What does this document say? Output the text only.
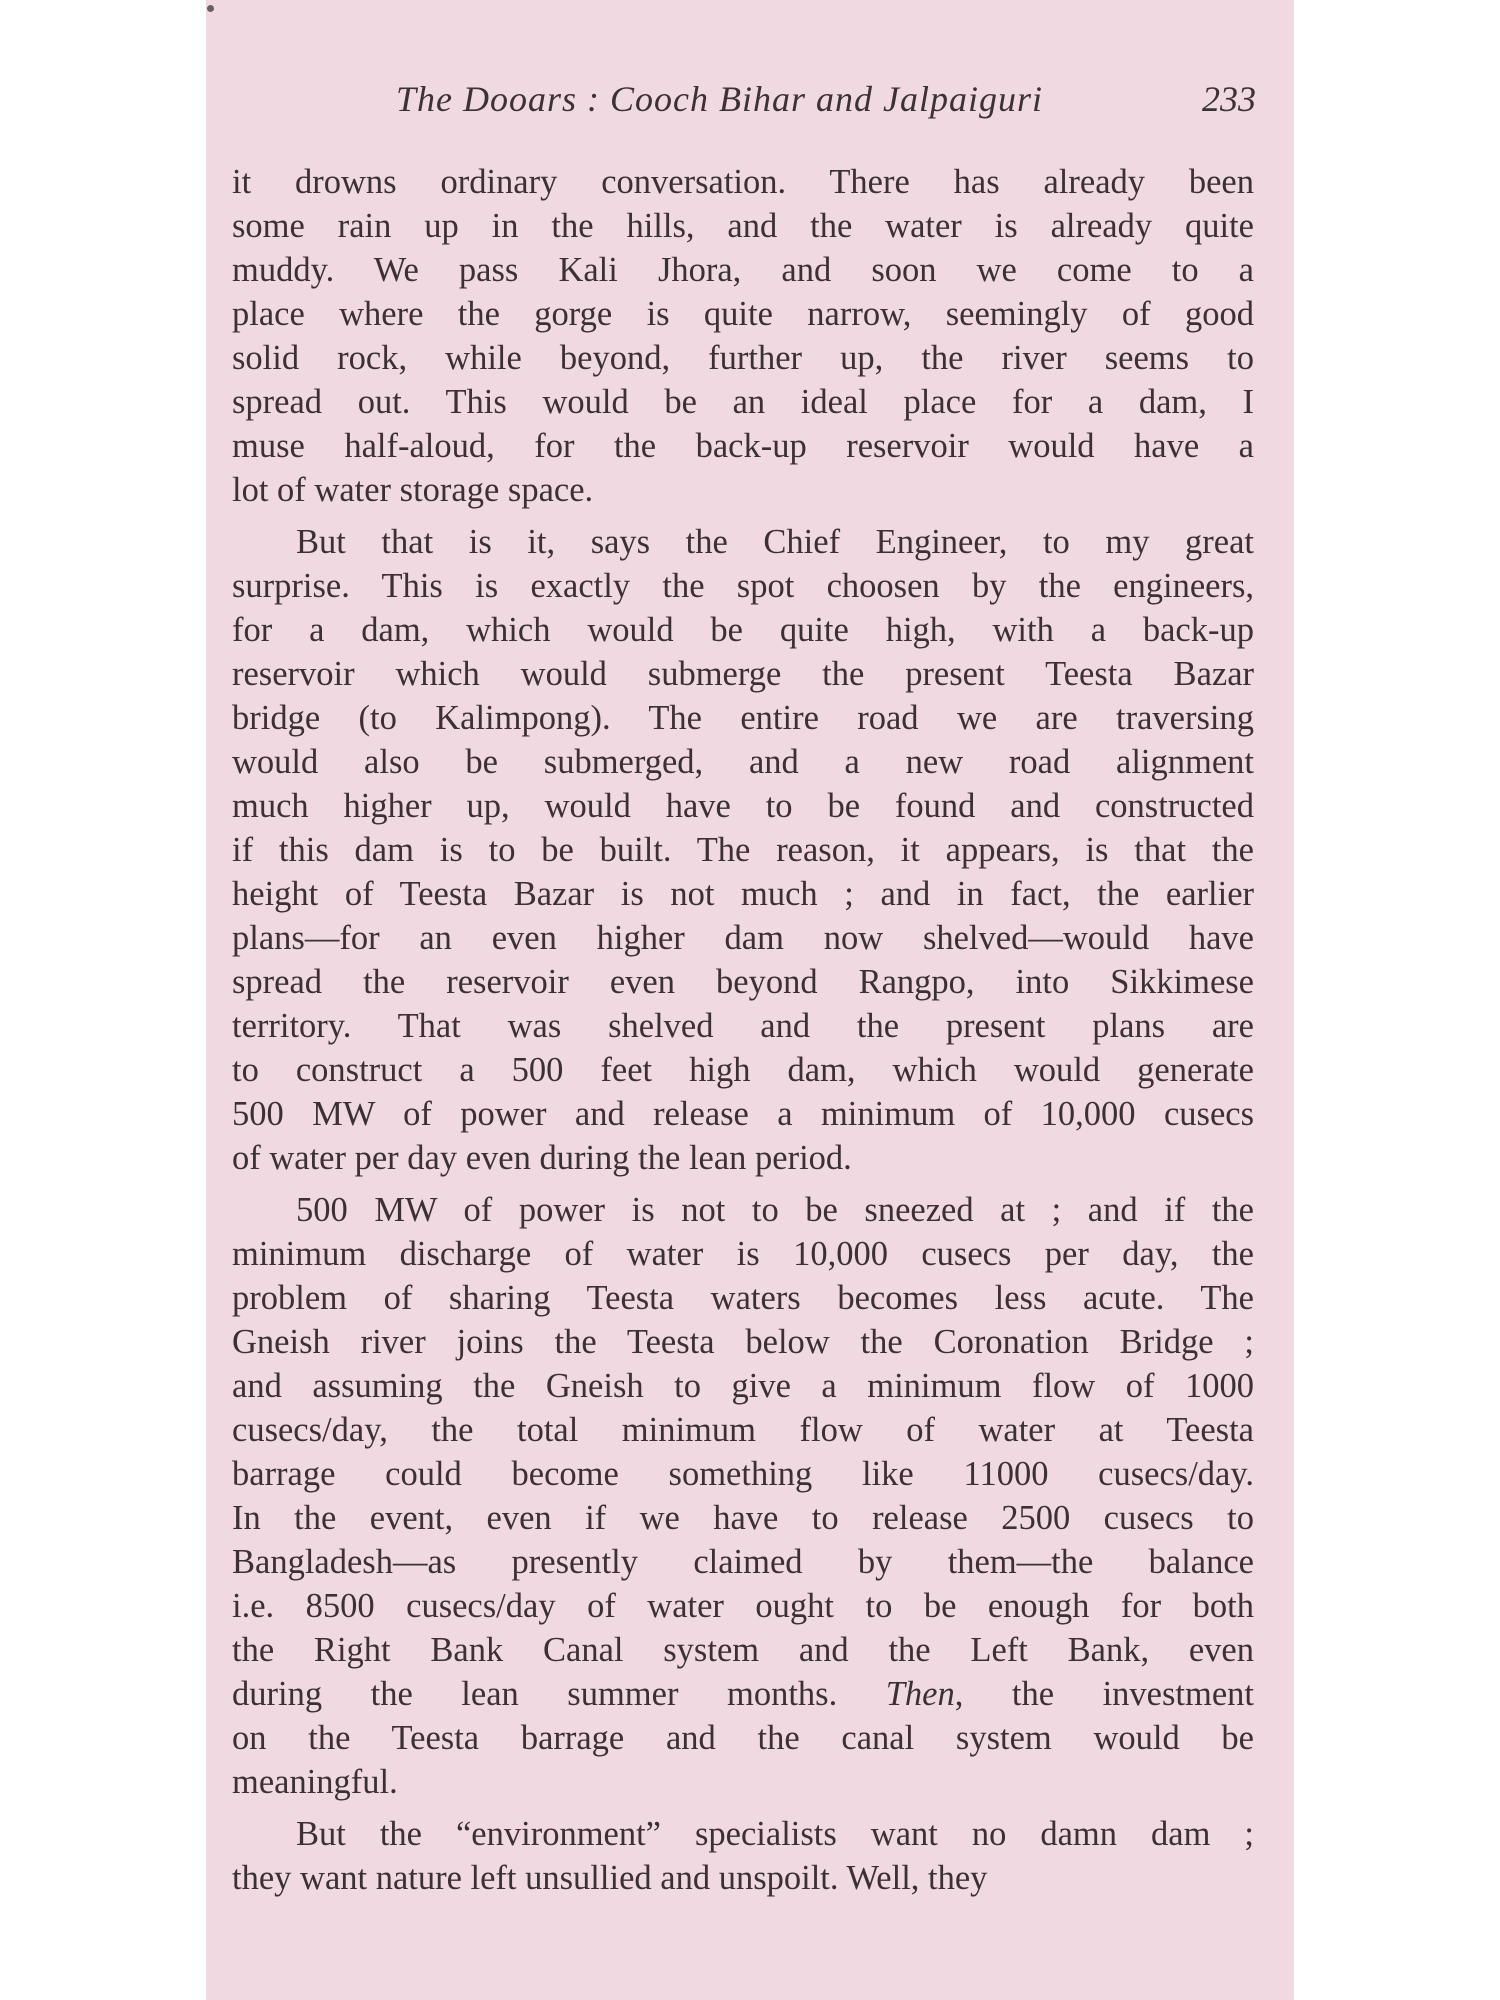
The Dooars : Cooch Bihar and Jalpaiguri	233
it drowns ordinary conversation. There has already been
some rain up in the hills, and the water is already quite
muddy. We pass Kali Jhora, and soon we come to a
place where the gorge is quite narrow, seemingly of good
solid rock, while beyond, further up, the river seems to
spread out. This would be an ideal place for a dam, I
muse half-aloud, for the back-up reservoir would have a
lot of water storage space.
But that is it, says the Chief Engineer, to my great
surprise. This is exactly the spot choosen by the engineers,
for a dam, which would be quite high, with a back-up
reservoir which would submerge the present Teesta Bazar
bridge (to Kalimpong). The entire road we are traversing
would also be submerged, and a new road alignment
much higher up, would have to be found and constructed
if this dam is to be built. The reason, it appears, is that the
height of Teesta Bazar is not much ; and in fact, the earlier
plans—for an even higher dam now shelved—would have
spread the reservoir even beyond Rangpo, into Sikkimese
territory. That was shelved and the present plans are
to construct a 500 feet high dam, which would generate
500 MW of power and release a minimum of 10,000 cusecs
of water per day even during the lean period.
500 MW of power is not to be sneezed at ; and if the
minimum discharge of water is 10,000 cusecs per day, the
problem of sharing Teesta waters becomes less acute. The
Gneish river joins the Teesta below the Coronation Bridge ;
and assuming the Gneish to give a minimum flow of 1000
cusecs/day, the total minimum flow of water at Teesta
barrage could become something like 11000 cusecs/day.
In the event, even if we have to release 2500 cusecs to
Bangladesh—as presently claimed by them—the balance
i.e. 8500 cusecs/day of water ought to be enough for both
the Right Bank Canal system and the Left Bank, even
during the lean summer months. Then, the investment
on the Teesta barrage and the canal system would be
meaningful.
But the “environment” specialists want no damn dam ;
they want nature left unsullied and unspoilt. Well, they
